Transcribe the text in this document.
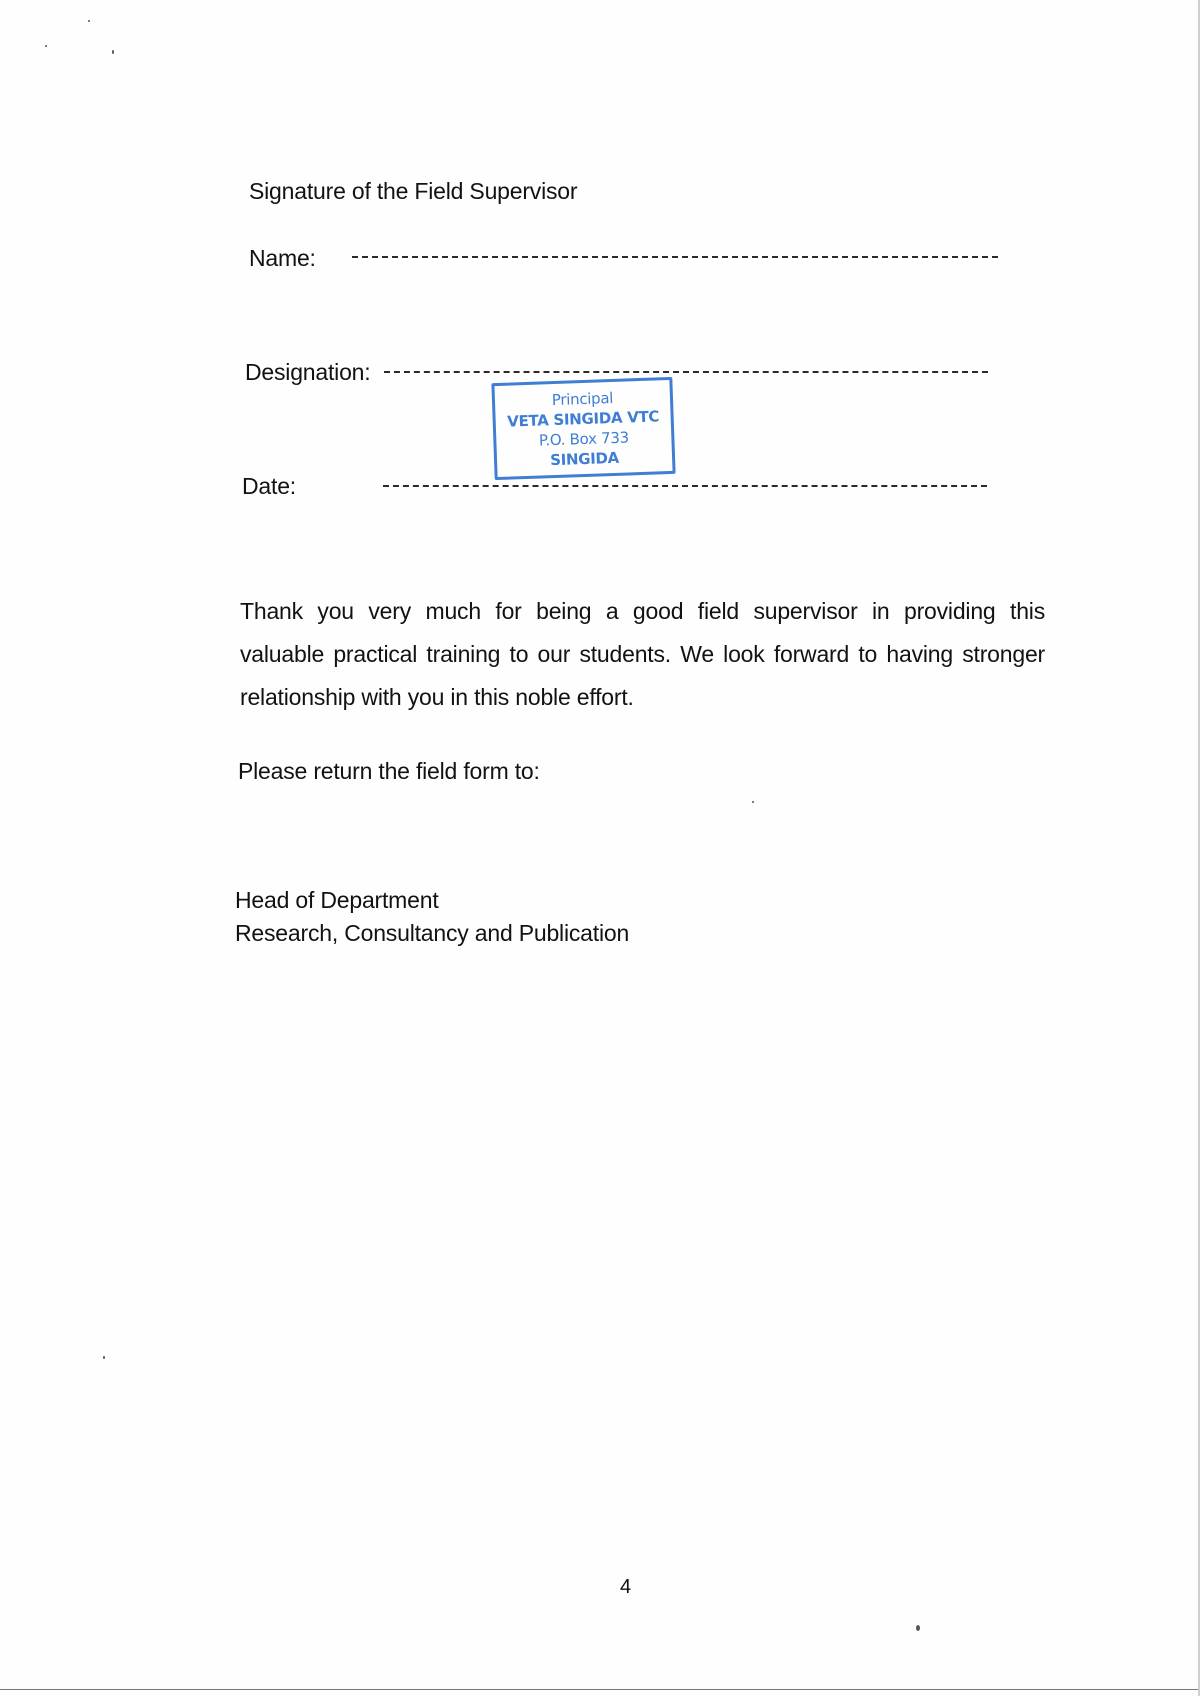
Signature of the Field Supervisor
Name:
Designation:
Date:
Principal
VETA SINGIDA VTC
P.O. Box 733
SINGIDA
Thank you very much for being a good field supervisor in providing this
valuable practical training to our students. We look forward to having stronger
relationship with you in this noble effort.
Please return the field form to:
Head of Department
Research, Consultancy and Publication
4
